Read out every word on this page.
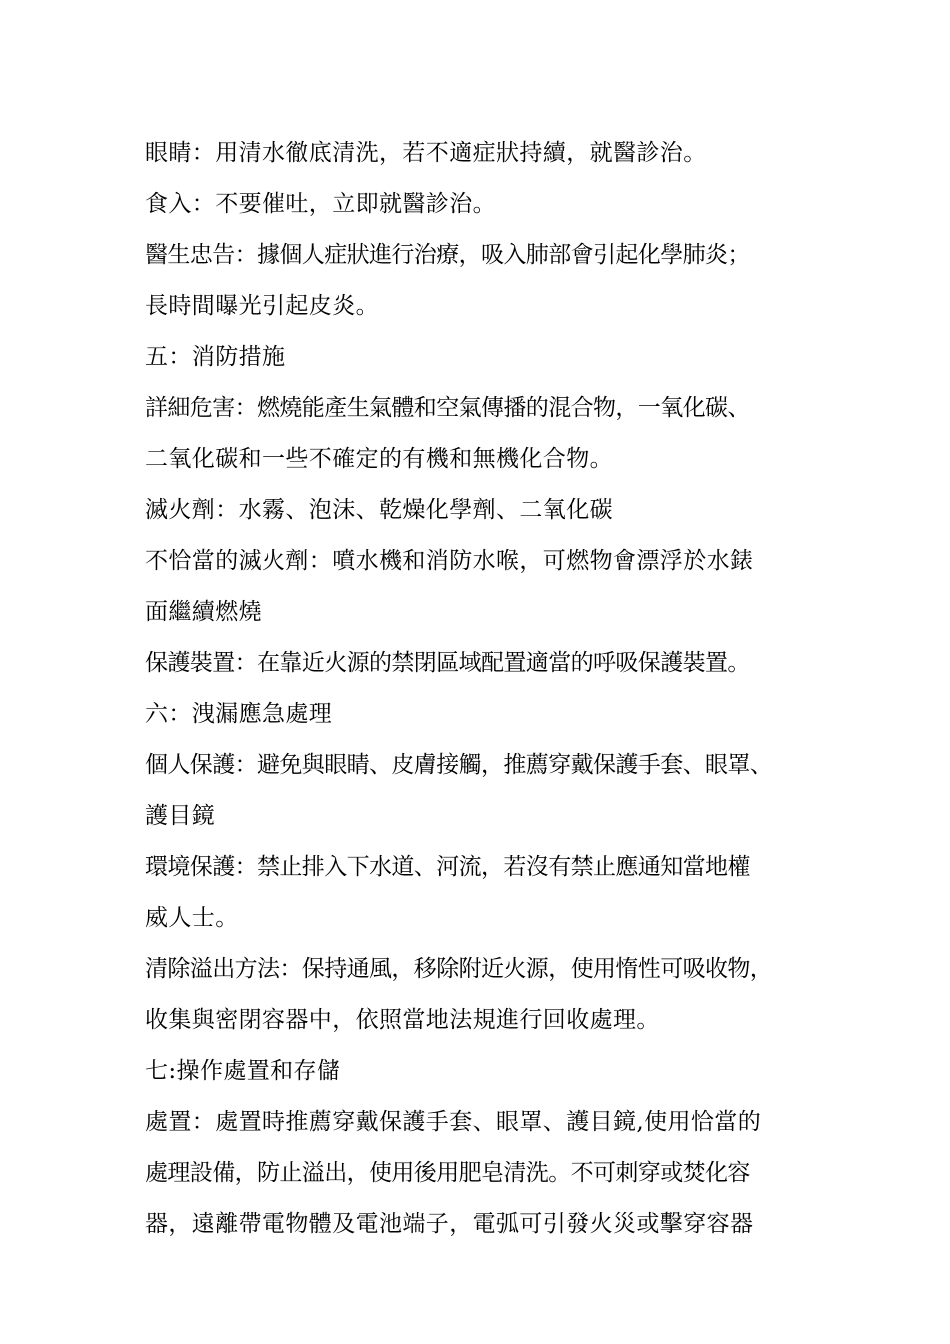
眼睛：用清水徹底清洗，若不適症狀持續，就醫診治。
食入：不要催吐，立即就醫診治。
醫生忠告：據個人症狀進行治療，吸入肺部會引起化學肺炎；
長時間曝光引起皮炎。
五：消防措施
詳細危害：燃燒能產生氣體和空氣傳播的混合物，一氧化碳、
二氧化碳和一些不確定的有機和無機化合物。
滅火劑：水霧、泡沫、乾燥化學劑、二氧化碳
不恰當的滅火劑：噴水機和消防水喉，可燃物會漂浮於水錶
面繼續燃燒
保護裝置：在靠近火源的禁閉區域配置適當的呼吸保護裝置。
六：洩漏應急處理
個人保護：避免與眼睛、皮膚接觸，推薦穿戴保護手套、眼罩、
護目鏡
環境保護：禁止排入下水道、河流，若沒有禁止應通知當地權
威人士。
清除溢出方法：保持通風，移除附近火源，使用惰性可吸收物，
收集與密閉容器中，依照當地法規進行回收處理。
七:操作處置和存儲
處置：處置時推薦穿戴保護手套、眼罩、護目鏡,使用恰當的
處理設備，防止溢出，使用後用肥皂清洗。不可刺穿或焚化容
器，遠離帶電物體及電池端子，電弧可引發火災或擊穿容器
